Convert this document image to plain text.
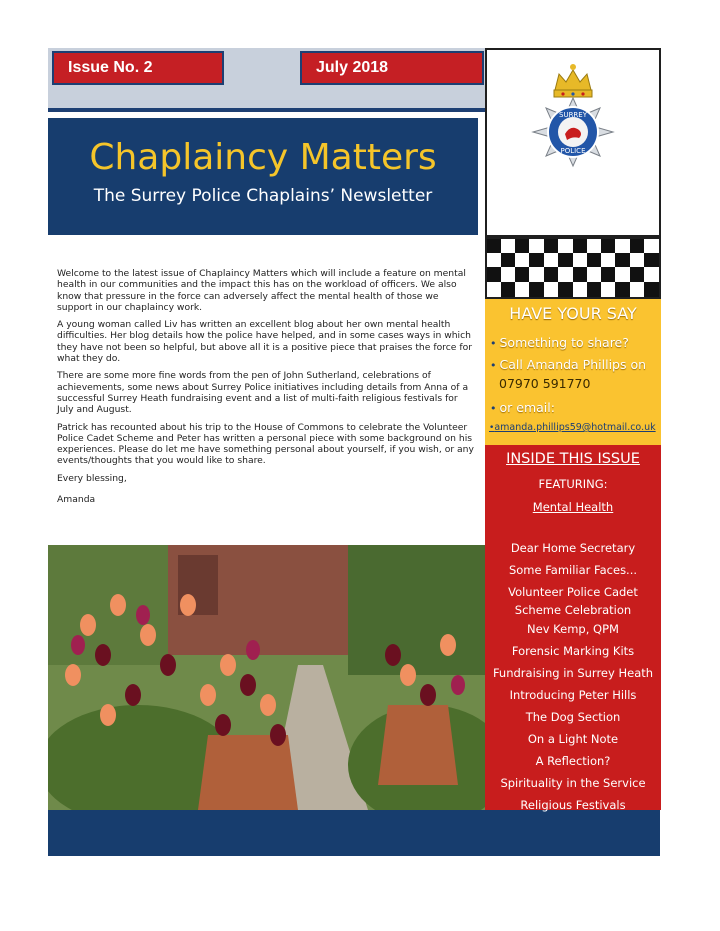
Issue No. 2	July 2018
SURREY
POLICE
Chaplaincy Matters
The Surrey Police Chaplains’ Newsletter

Welcome to the latest issue of Chaplaincy Matters which will include a feature on mental health in our communities and the impact this has on the workload of officers. We also know that pressure in the force can adversely affect the mental health of those we support in our chaplaincy work.

A young woman called Liv has written an excellent blog about her own mental health difficulties. Her blog details how the police have helped, and in some cases ways in which they have not been so helpful, but above all it is a positive piece that praises the force for what they do.

There are some more fine words from the pen of John Sutherland, celebrations of achievements, some news about Surrey Police initiatives including details from Anna of a successful Surrey Heath fundraising event and a list of multi-faith religious festivals for July and August.

Patrick has recounted about his trip to the House of Commons to celebrate the Volunteer Police Cadet Scheme and Peter has written a personal piece with some background on his experiences. Please do let me have something personal about yourself, if you wish, or any events/thoughts that you would like to share.

Every blessing,

Amanda

HAVE YOUR SAY
• Something to share?
• Call Amanda Phillips on
07970 591770
• or email:
•amanda.phillips59@hotmail.co.uk
INSIDE THIS ISSUE
FEATURING:
Mental Health
Dear Home Secretary
Some Familiar Faces...
Volunteer Police Cadet
Scheme Celebration
Nev Kemp, QPM
Forensic Marking Kits
Fundraising in Surrey Heath
Introducing Peter Hills
The Dog Section
On a Light Note
A Reflection?
Spirituality in the Service
Religious Festivals
